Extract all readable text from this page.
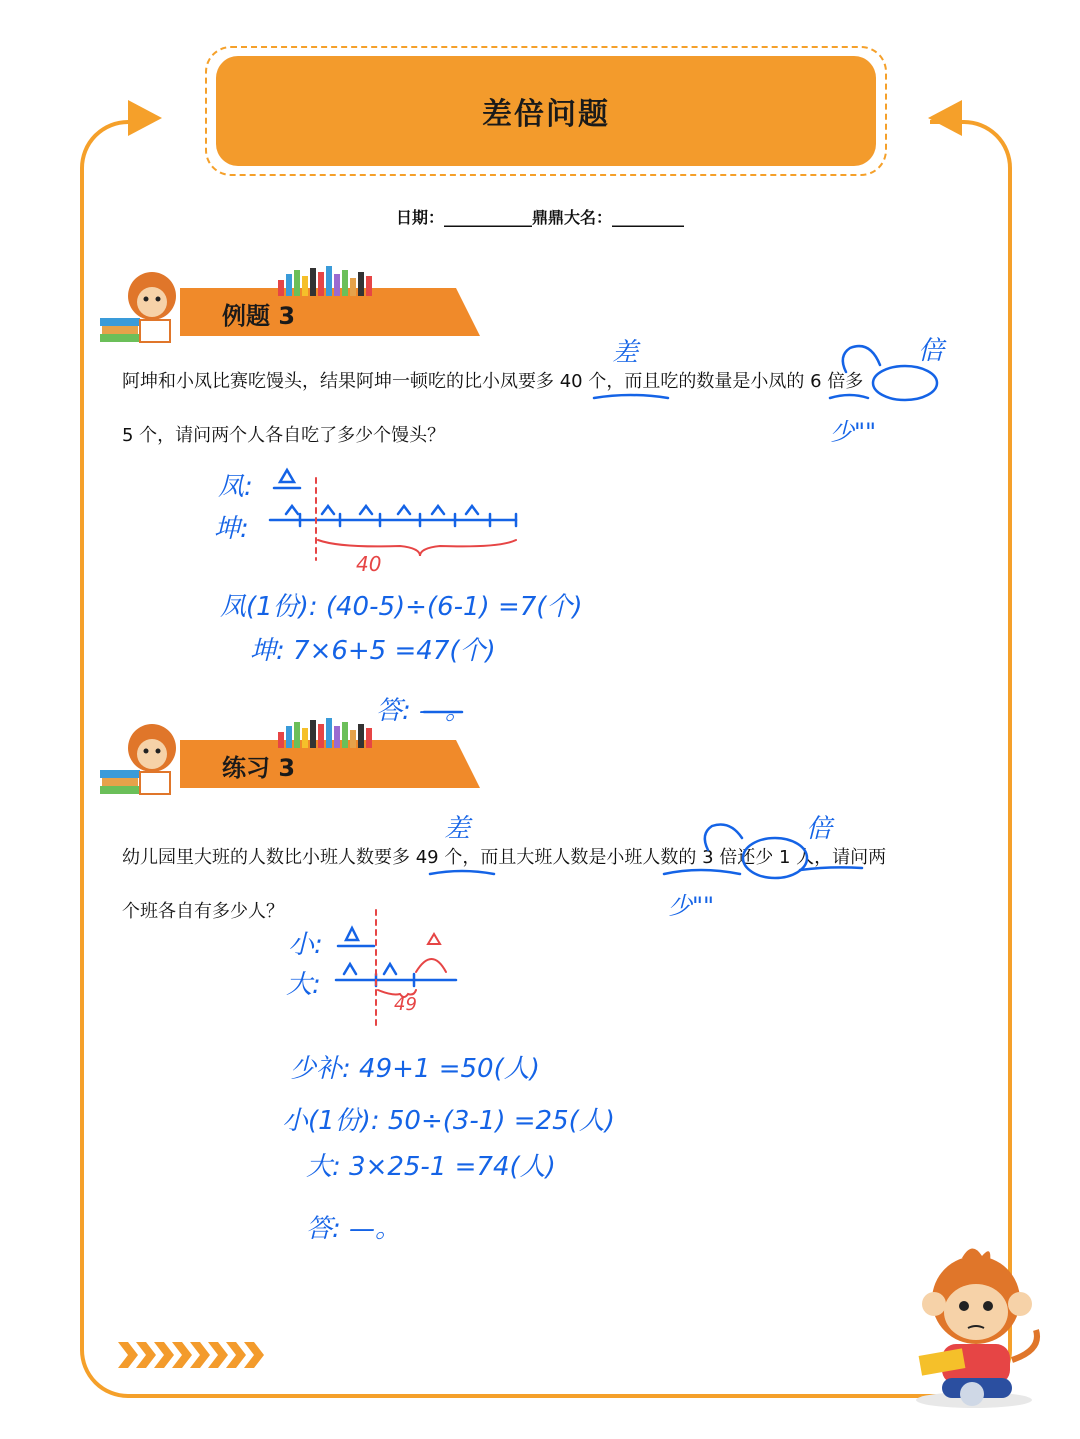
差倍问题
日期：___________鼎鼎大名：_________
例题 3
阿坤和小凤比赛吃馒头，结果阿坤一顿吃的比小凤要多 40 个，而且吃的数量是小凤的 6 倍多
5 个，请问两个人各自吃了多少个馒头？
差	倍
少""
凤:
坤:
40
凤(1份): (40-5)÷(6-1) =7(个)
坤: 7×6+5 =47(个)
答: —。
练习 3
幼儿园里大班的人数比小班人数要多 49 个，而且大班人数是小班人数的 3 倍还少 1 人，请问两
个班各自有多少人？
差	倍
少""
小:
大:
49
少补: 49+1 =50(人)
小(1份): 50÷(3-1) =25(人)
大: 3×25-1 =74(人)
答: —。
